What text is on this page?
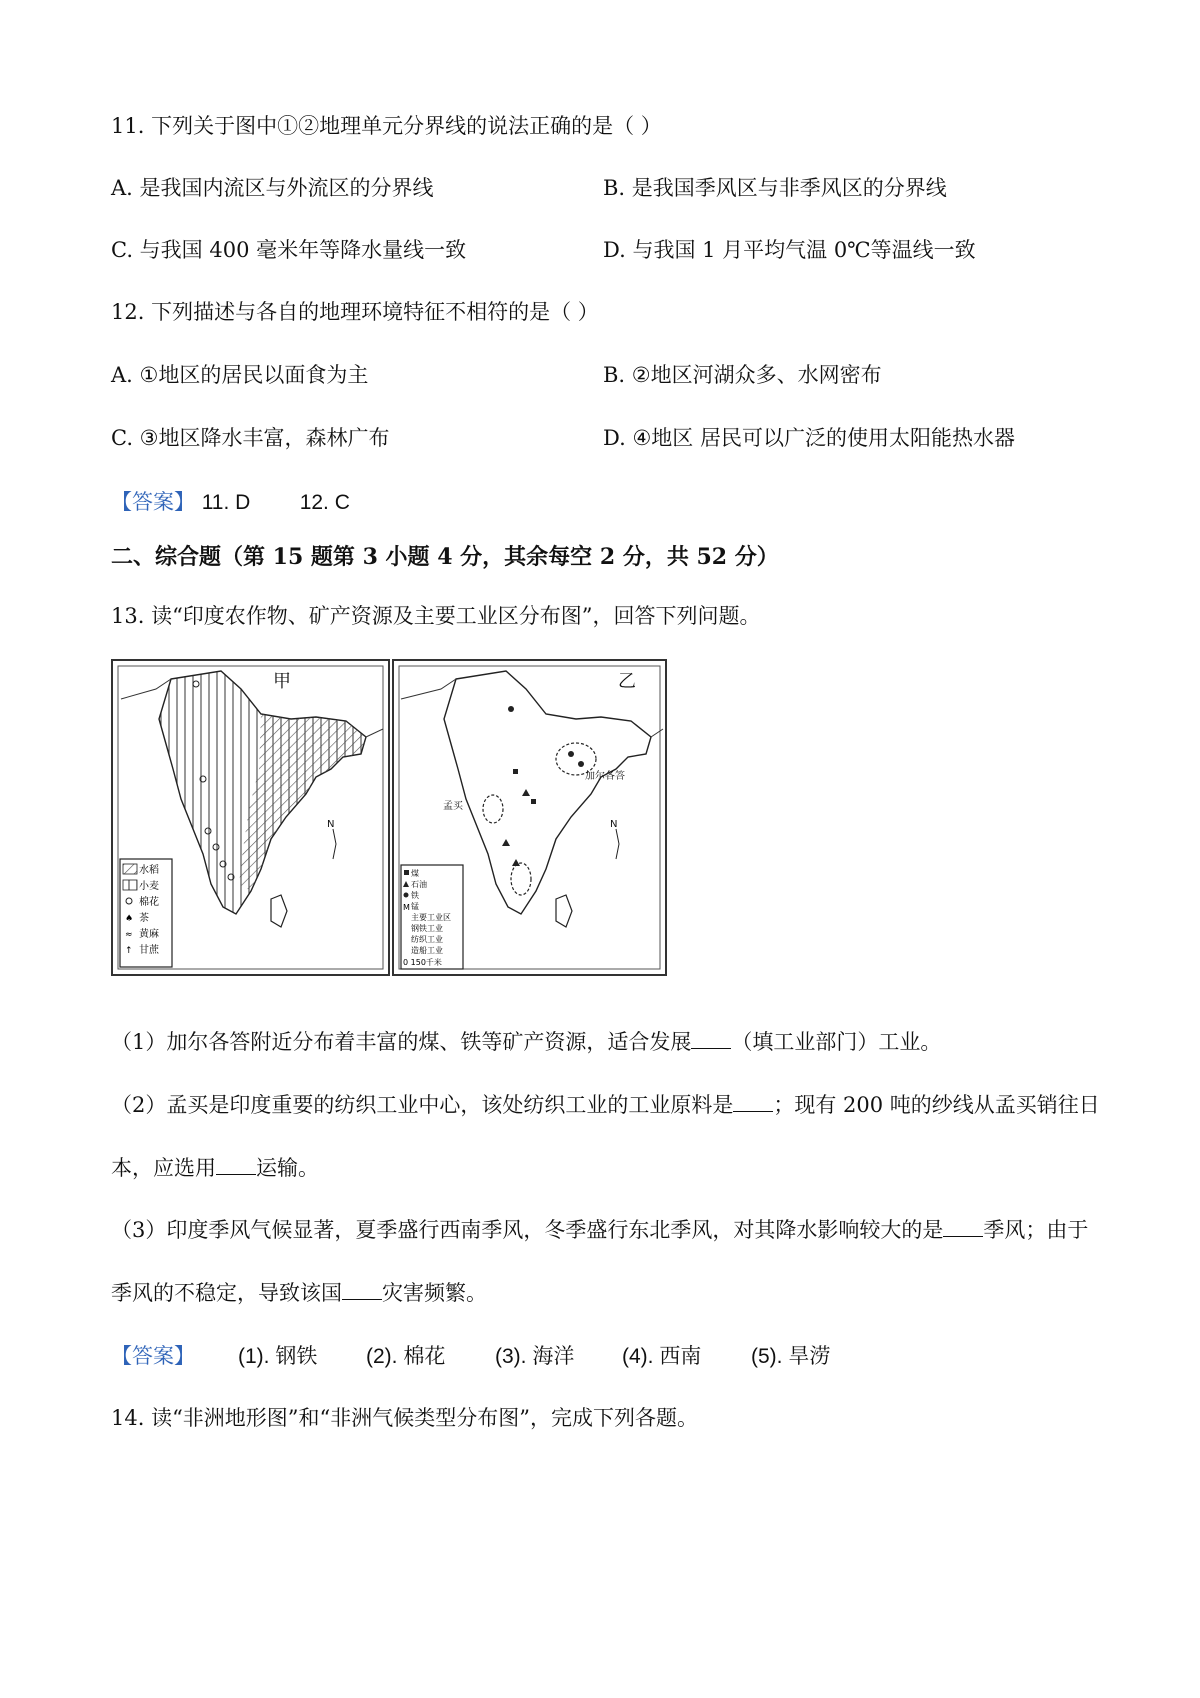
11. 下列关于图中①②地理单元分界线的说法正确的是（ ）
A. 是我国内流区与外流区的分界线	B. 是我国季风区与非季风区的分界线
C. 与我国 400 毫米年等降水量线一致	D. 与我国 1 月平均气温 0℃等温线一致
12. 下列描述与各自的地理环境特征不相符的是（ ）
A. ①地区的居民以面食为主	B. ②地区河湖众多、水网密布
C. ③地区降水丰富，森林广布	D. ④地区 居民可以广泛的使用太阳能热水器
【答案】 11. D 12. C
二、综合题（第 15 题第 3 小题 4 分，其余每空 2 分，共 52 分）
13. 读“印度农作物、矿产资源及主要工业区分布图”，回答下列问题。
甲
N
水稻
小麦
棉花
茶
黄麻
甘蔗
♠
≈
↑
孟买
加尔各答
乙
N
M
煤
石油
铁
锰
主要工业区
钢铁工业
纺织工业
造船工业
0 150千米
（1）加尔各答附近分布着丰富的煤、铁等矿产资源，适合发展 （填工业部门）工业。
（2）孟买是印度重要的纺织工业中心，该处纺织工业的工业原料是 ；现有 200 吨的纱线从孟买销往日
本，应选用 运输。
（3）印度季风气候显著，夏季盛行西南季风，冬季盛行东北季风，对其降水影响较大的是 季风；由于
季风的不稳定，导致该国 灾害频繁。
【答案】 (1). 钢铁 (2). 棉花 (3). 海洋 (4). 西南 (5). 旱涝
14. 读“非洲地形图”和“非洲气候类型分布图”，完成下列各题。
